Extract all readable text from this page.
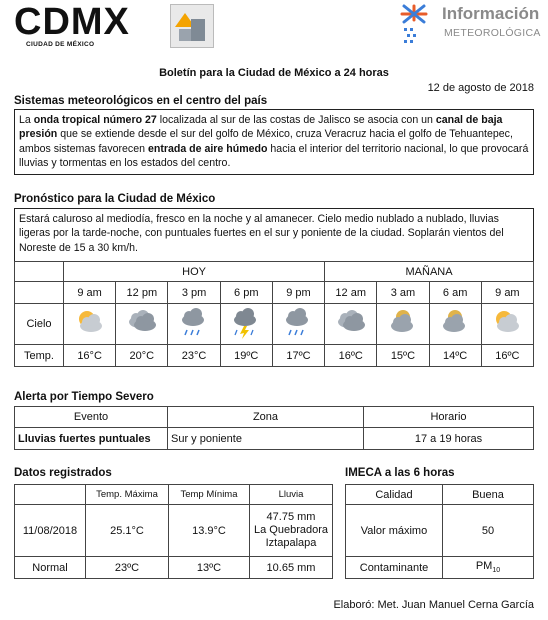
CDMX
CIUDAD DE MÉXICO
Información
METEOROLÓGICA
Boletín para la Ciudad de México a 24 horas
12 de agosto de 2018
Sistemas meteorológicos en el centro del país
La onda tropical número 27 localizada al sur de las costas de Jalisco se asocia con un canal de baja presión que se extiende desde el sur del golfo de México, cruza Veracruz hacia el golfo de Tehuantepec, ambos sistemas favorecen entrada de aire húmedo hacia el interior del territorio nacional, lo que provocará lluvias y tormentas en los estados del centro.
Pronóstico para la Ciudad de México
Estará caluroso al mediodía, fresco en la noche y al amanecer. Cielo medio nublado a nublado, lluvias ligeras por la tarde-noche, con puntuales fuertes en el sur y poniente de la ciudad. Soplarán vientos del Noreste de 15 a 30 km/h.
	HOY					MAÑANA			
	9 am	12 pm	3 pm	6 pm	9 pm	12 am	3 am	6 am	9 am
Cielo									
Temp.	16°C	20°C	23°C	19ºC	17ºC	16ºC	15ºC	14ºC	16ºC
Alerta por Tiempo Severo
Evento	Zona	Horario
Lluvias fuertes puntuales	Sur y poniente	17 a 19 horas
Datos registrados
	Temp. Máxima	Temp Mínima	Lluvia
11/08/2018	25.1°C	13.9°C	47.75 mm
La Quebradora
Iztapalapa

Normal	23ºC	13ºC	10.65 mm
IMECA a las 6 horas
Calidad	Buena
Valor máximo	50
Contaminante	$PM_{10}$
Elaboró: Met. Juan Manuel Cerna García
